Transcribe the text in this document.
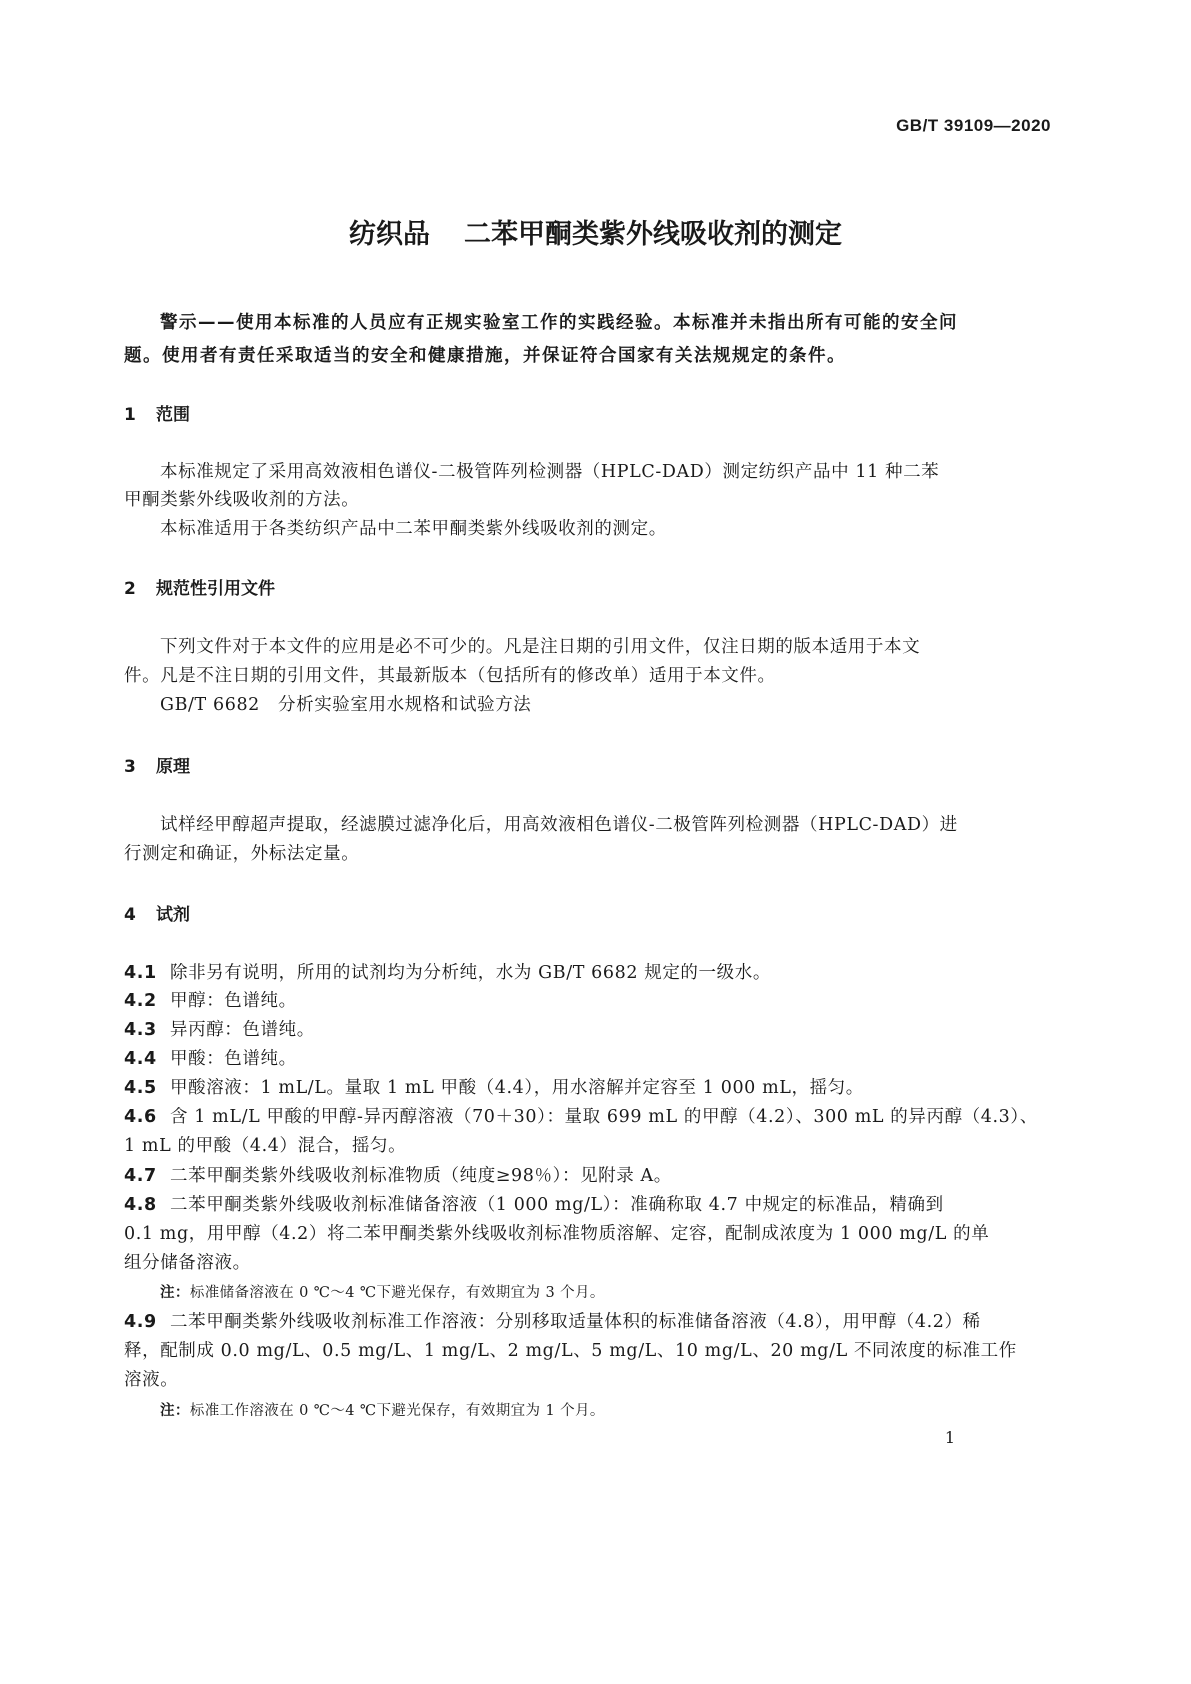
GB/T 39109—2020
纺织品 二苯甲酮类紫外线吸收剂的测定
警示——使用本标准的人员应有正规实验室工作的实践经验。本标准并未指出所有可能的安全问
题。使用者有责任采取适当的安全和健康措施，并保证符合国家有关法规规定的条件。
1 范围
本标准规定了采用高效液相色谱仪-二极管阵列检测器（HPLC-DAD）测定纺织产品中 11 种二苯
甲酮类紫外线吸收剂的方法。
本标准适用于各类纺织产品中二苯甲酮类紫外线吸收剂的测定。
2 规范性引用文件
下列文件对于本文件的应用是必不可少的。凡是注日期的引用文件，仅注日期的版本适用于本文
件。凡是不注日期的引用文件，其最新版本（包括所有的修改单）适用于本文件。
GB/T 6682　分析实验室用水规格和试验方法
3 原理
试样经甲醇超声提取，经滤膜过滤净化后，用高效液相色谱仪-二极管阵列检测器（HPLC-DAD）进
行测定和确证，外标法定量。
4 试剂
4.1 除非另有说明，所用的试剂均为分析纯，水为 GB/T 6682 规定的一级水。
4.2 甲醇：色谱纯。
4.3 异丙醇：色谱纯。
4.4 甲酸：色谱纯。
4.5 甲酸溶液：1 mL/L。量取 1 mL 甲酸（4.4），用水溶解并定容至 1 000 mL，摇匀。
4.6 含 1 mL/L 甲酸的甲醇-异丙醇溶液（70＋30）：量取 699 mL 的甲醇（4.2）、300 mL 的异丙醇（4.3）、
1 mL 的甲酸（4.4）混合，摇匀。
4.7 二苯甲酮类紫外线吸收剂标准物质（纯度≥98％）：见附录 A。
4.8 二苯甲酮类紫外线吸收剂标准储备溶液（1 000 mg/L）：准确称取 4.7 中规定的标准品，精确到
0.1 mg，用甲醇（4.2）将二苯甲酮类紫外线吸收剂标准物质溶解、定容，配制成浓度为 1 000 mg/L 的单
组分储备溶液。
注：标准储备溶液在 0 ℃～4 ℃下避光保存，有效期宜为 3 个月。
4.9 二苯甲酮类紫外线吸收剂标准工作溶液：分别移取适量体积的标准储备溶液（4.8），用甲醇（4.2）稀
释，配制成 0.0 mg/L、0.5 mg/L、1 mg/L、2 mg/L、5 mg/L、10 mg/L、20 mg/L 不同浓度的标准工作
溶液。
注：标准工作溶液在 0 ℃～4 ℃下避光保存，有效期宜为 1 个月。
1
